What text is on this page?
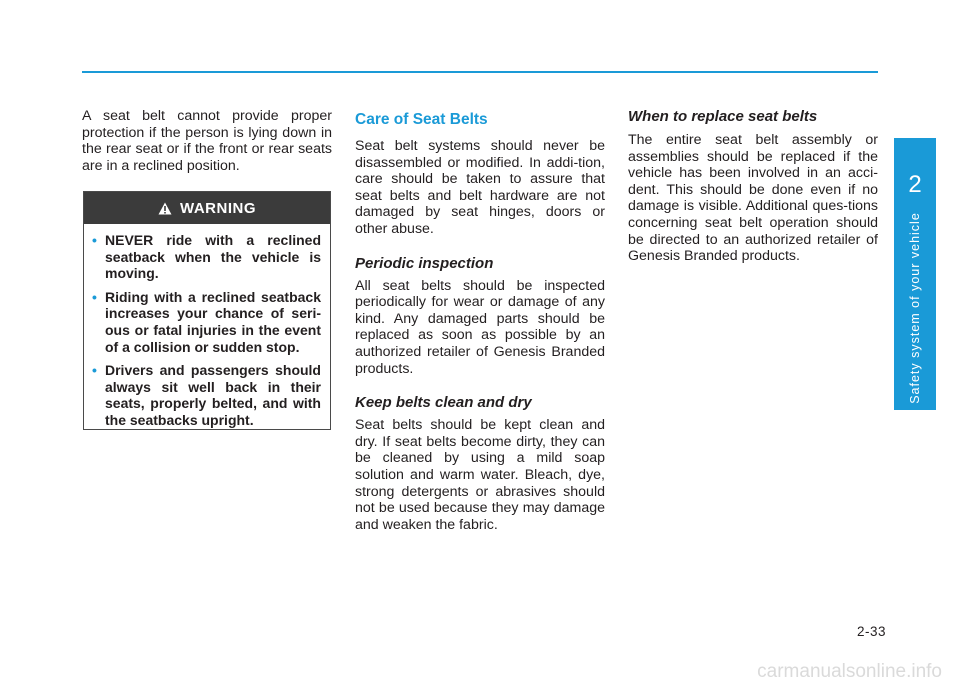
A seat belt cannot provide proper protection if the person is lying down in the rear seat or if the front or rear seats are in a reclined position.

WARNING
• NEVER ride with a reclined seatback when the vehicle is moving.
• Riding with a reclined seatback increases your chance of seri-ous or fatal injuries in the event of a collision or sudden stop.
• Drivers and passengers should always sit well back in their seats, properly belted, and with the seatbacks upright.
Care of Seat Belts

Seat belt systems should never be disassembled or modified. In addi-tion, care should be taken to assure that seat belts and belt hardware are not damaged by seat hinges, doors or other abuse.

Periodic inspection

All seat belts should be inspected periodically for wear or damage of any kind. Any damaged parts should be replaced as soon as possible by an authorized retailer of Genesis Branded products.

Keep belts clean and dry

Seat belts should be kept clean and dry. If seat belts become dirty, they can be cleaned by using a mild soap solution and warm water. Bleach, dye, strong detergents or abrasives should not be used because they may damage and weaken the fabric.

When to replace seat belts

The entire seat belt assembly or assemblies should be replaced if the vehicle has been involved in an acci-dent. This should be done even if no damage is visible. Additional ques-tions concerning seat belt operation should be directed to an authorized retailer of Genesis Branded products.

2
Safety system of your vehicle
2-33
carmanualsonline.info
